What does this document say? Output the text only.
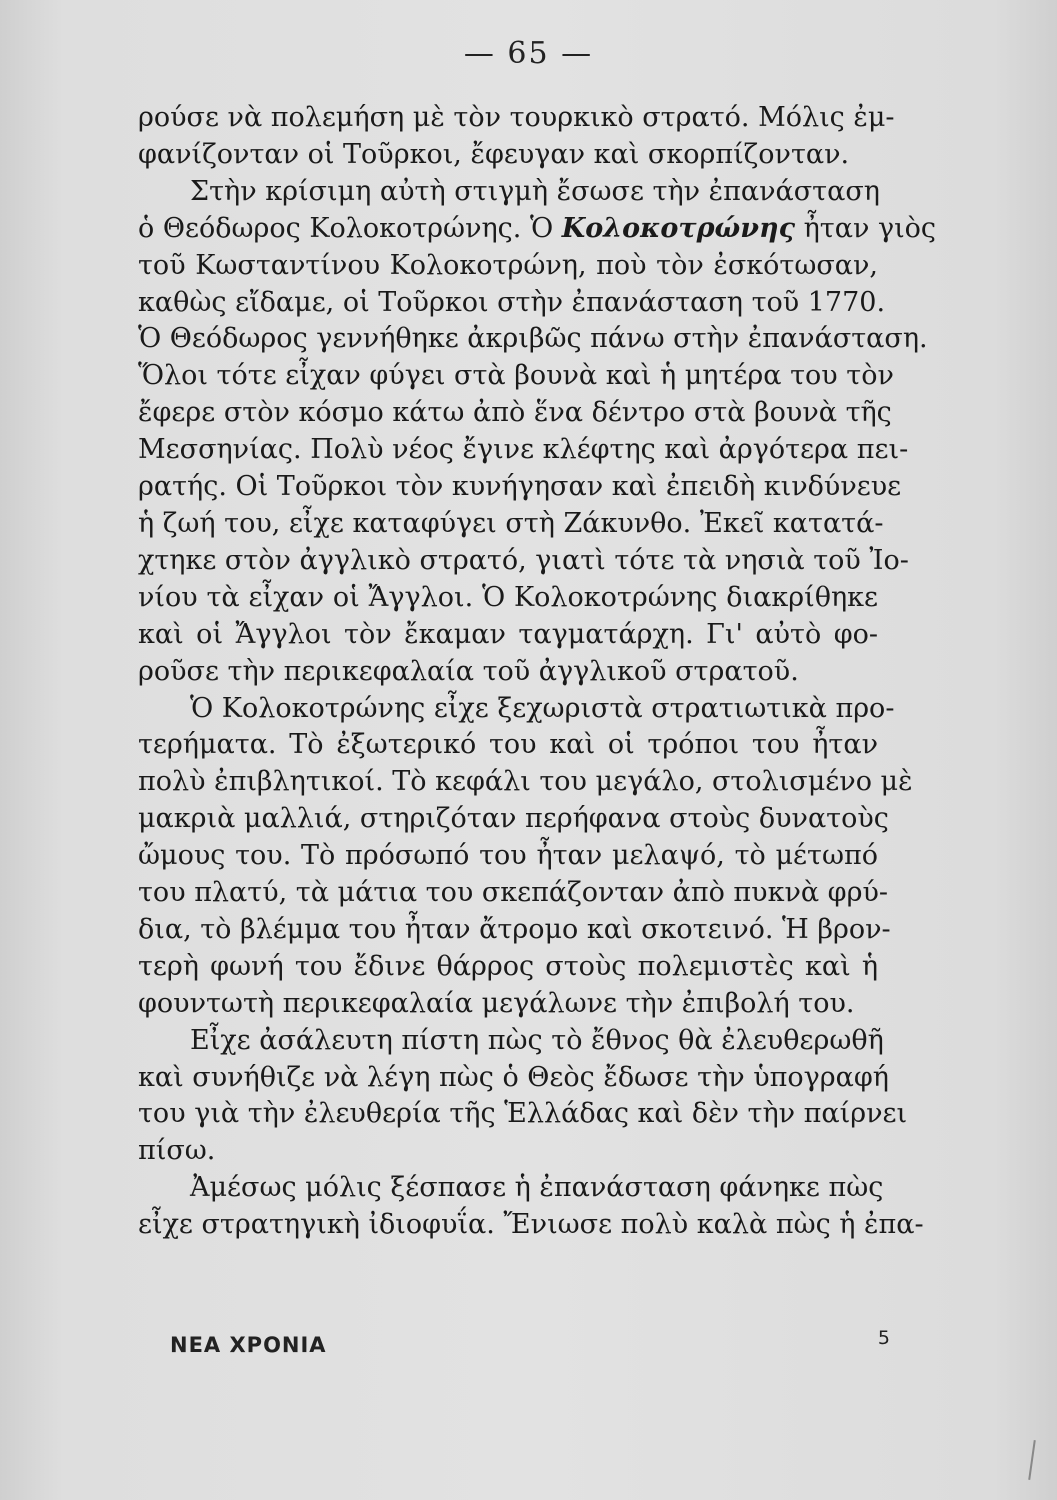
— 65 —

ρούσε νὰ πολεμήση μὲ τὸν τουρκικὸ στρατό. Μόλις ἐμ-
φανίζονταν οἱ Τοῦρκοι, ἔφευγαν καὶ σκορπίζονταν.

Στὴν κρίσιμη αὐτὴ στιγμὴ ἔσωσε τὴν ἐπανάσταση
ὁ Θεόδωρος Κολοκοτρώνης. Ὁ Κολοκοτρώνης ἦταν γιὸς
τοῦ Κωσταντίνου Κολοκοτρώνη, ποὺ τὸν ἐσκότωσαν,
καθὼς εἴδαμε, οἱ Τοῦρκοι στὴν ἐπανάσταση τοῦ 1770.
Ὁ Θεόδωρος γεννήθηκε ἀκριβῶς πάνω στὴν ἐπανάσταση.
Ὅλοι τότε εἶχαν φύγει στὰ βουνὰ καὶ ἡ μητέρα του τὸν
ἔφερε στὸν κόσμο κάτω ἀπὸ ἕνα δέντρο στὰ βουνὰ τῆς
Μεσσηνίας. Πολὺ νέος ἔγινε κλέφτης καὶ ἀργότερα πει-
ρατής. Οἱ Τοῦρκοι τὸν κυνήγησαν καὶ ἐπειδὴ κινδύνευε
ἡ ζωή του, εἶχε καταφύγει στὴ Ζάκυνθο. Ἐκεῖ κατατά-
χτηκε στὸν ἀγγλικὸ στρατό, γιατὶ τότε τὰ νησιὰ τοῦ Ἰο-
νίου τὰ εἶχαν οἱ Ἄγγλοι. Ὁ Κολοκοτρώνης διακρίθηκε
καὶ οἱ Ἄγγλοι τὸν ἔκαμαν ταγματάρχη. Γι' αὐτὸ φο-
ροῦσε τὴν περικεφαλαία τοῦ ἀγγλικοῦ στρατοῦ.

Ὁ Κολοκοτρώνης εἶχε ξεχωριστὰ στρατιωτικὰ προ-
τερήματα. Τὸ ἐξωτερικό του καὶ οἱ τρόποι του ἦταν
πολὺ ἐπιβλητικοί. Τὸ κεφάλι του μεγάλο, στολισμένο μὲ
μακριὰ μαλλιά, στηριζόταν περήφανα στοὺς δυνατοὺς
ὤμους του. Τὸ πρόσωπό του ἦταν μελαψό, τὸ μέτωπό
του πλατύ, τὰ μάτια του σκεπάζονταν ἀπὸ πυκνὰ φρύ-
δια, τὸ βλέμμα του ἦταν ἄτρομο καὶ σκοτεινό. Ἡ βρον-
τερὴ φωνή του ἔδινε θάρρος στοὺς πολεμιστὲς καὶ ἡ
φουντωτὴ περικεφαλαία μεγάλωνε τὴν ἐπιβολή του.

Εἶχε ἀσάλευτη πίστη πὼς τὸ ἔθνος θὰ ἐλευθερωθῆ
καὶ συνήθιζε νὰ λέγη πὼς ὁ Θεὸς ἔδωσε τὴν ὑπογραφή
του γιὰ τὴν ἐλευθερία τῆς Ἑλλάδας καὶ δὲν τὴν παίρνει
πίσω.

Ἀμέσως μόλις ξέσπασε ἡ ἐπανάσταση φάνηκε πὼς
εἶχε στρατηγικὴ ἰδιοφυΐα. Ἔνιωσε πολὺ καλὰ πὼς ἡ ἐπα-

ΝΕΑ ΧΡΟΝΙΑ	5
